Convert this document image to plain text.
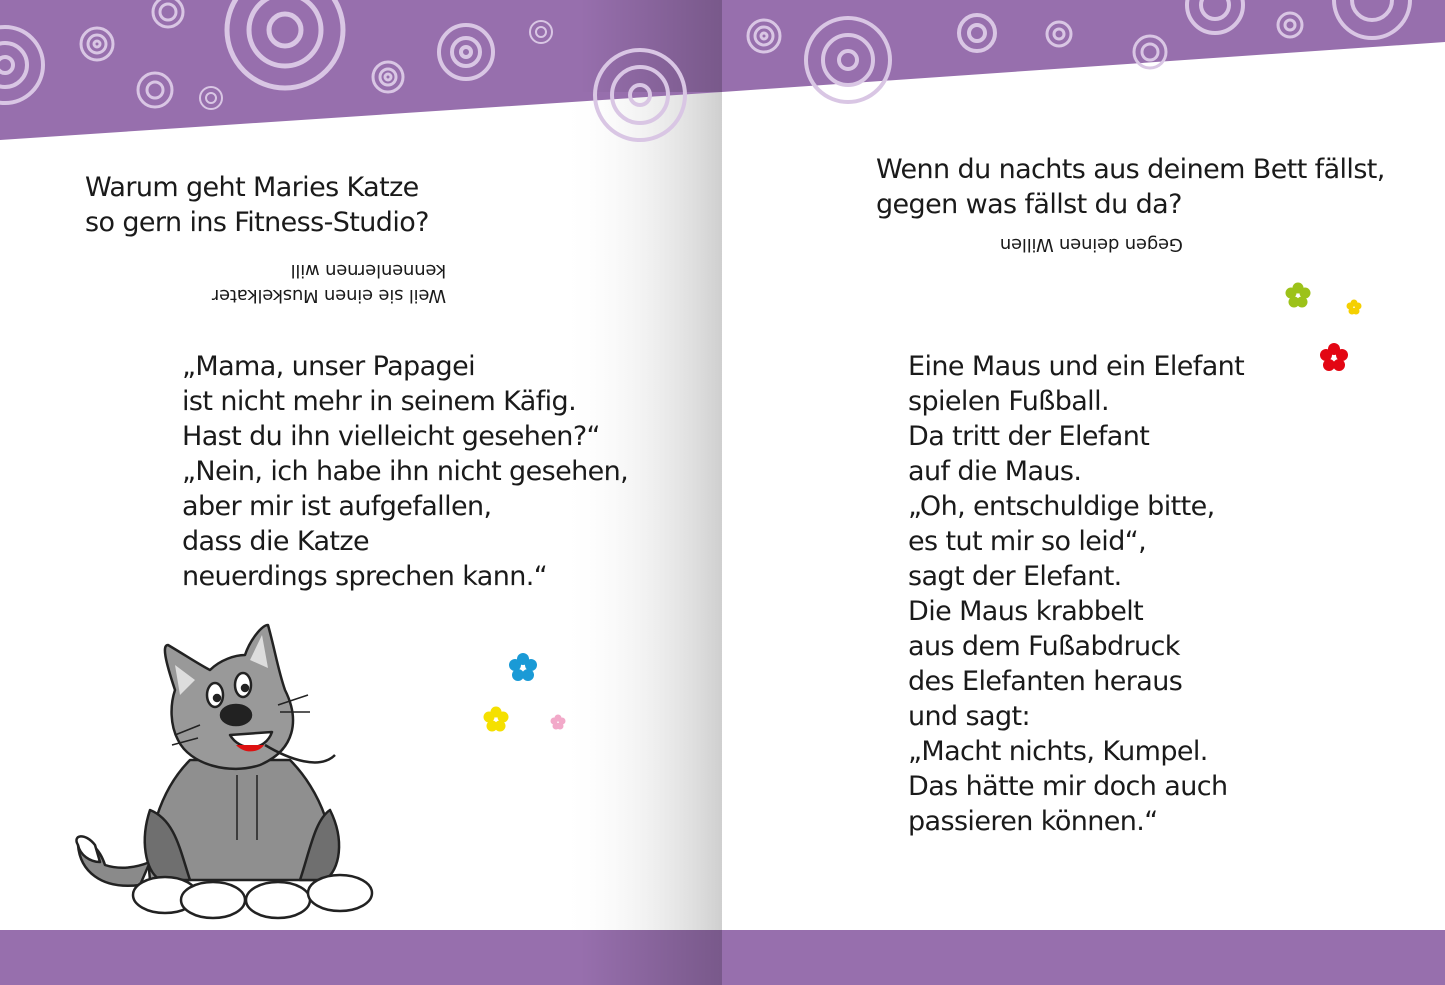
Warum geht Maries Katze
so gern ins Fitness-Studio?
Weil sie einen Muskelkater
kennenlernen will
„Mama, unser Papagei
ist nicht mehr in seinem Käfig.
Hast du ihn vielleicht gesehen?“
„Nein, ich habe ihn nicht gesehen,
aber mir ist aufgefallen,
dass die Katze
neuerdings sprechen kann.“
Wenn du nachts aus deinem Bett fällst,
gegen was fällst du da?
Gegen deinen Willen
Eine Maus und ein Elefant
spielen Fußball.
Da tritt der Elefant
auf die Maus.
„Oh, entschuldige bitte,
es tut mir so leid“,
sagt der Elefant.
Die Maus krabbelt
aus dem Fußabdruck
des Elefanten heraus
und sagt:
„Macht nichts, Kumpel.
Das hätte mir doch auch
passieren können.“
